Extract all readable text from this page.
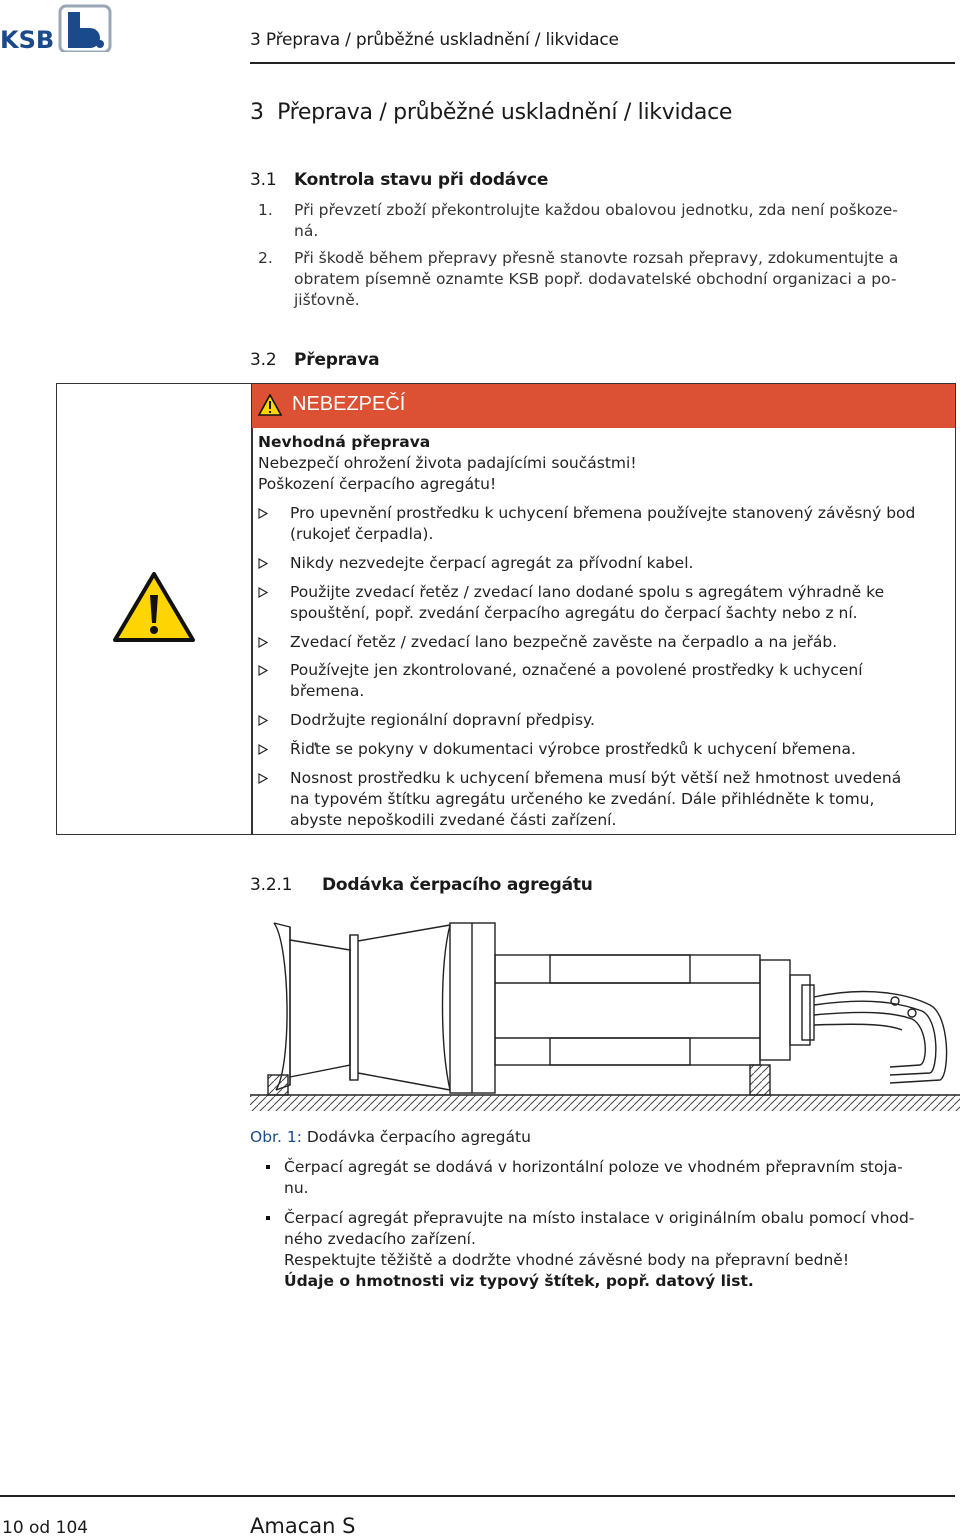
KSB	3 Přeprava / průběžné uskladnění / likvidace
3 Přeprava / průběžné uskladnění / likvidace
3.1 Kontrola stavu při dodávce
1.	Při převzetí zboží překontrolujte každou obalovou jednotku, zda není poškoze-
ná.
2.	Při škodě během přepravy přesně stanovte rozsah přepravy, zdokumentujte a
obratem písemně oznamte KSB popř. dodavatelské obchodní organizaci a po-
jišťovně.
3.2 Přeprava
NEBEZPEČÍ
Nevhodná přeprava
Nebezpečí ohrožení života padajícími součástmi!
Poškození čerpacího agregátu!
Pro upevnění prostředku k uchycení břemena používejte stanovený závěsný bod
(rukojeť čerpadla).
Nikdy nezvedejte čerpací agregát za přívodní kabel.
Použijte zvedací řetěz / zvedací lano dodané spolu s agregátem výhradně ke
spouštění, popř. zvedání čerpacího agregátu do čerpací šachty nebo z ní.
Zvedací řetěz / zvedací lano bezpečně zavěste na čerpadlo a na jeřáb.
Používejte jen zkontrolované, označené a povolené prostředky k uchycení
břemena.
Dodržujte regionální dopravní předpisy.
Řiďte se pokyny v dokumentaci výrobce prostředků k uchycení břemena.
Nosnost prostředku k uchycení břemena musí být větší než hmotnost uvedená
na typovém štítku agregátu určeného ke zvedání. Dále přihlédněte k tomu,
abyste nepoškodili zvedané části zařízení.
3.2.1 Dodávka čerpacího agregátu
Obr. 1: Dodávka čerpacího agregátu
Čerpací agregát se dodává v horizontální poloze ve vhodném přepravním stoja-
nu.
Čerpací agregát přepravujte na místo instalace v originálním obalu pomocí vhod-
ného zvedacího zařízení.
Respektujte těžiště a dodržte vhodné závěsné body na přepravní bedně!
Údaje o hmotnosti viz typový štítek, popř. datový list.
10 od 104	Amacan S
